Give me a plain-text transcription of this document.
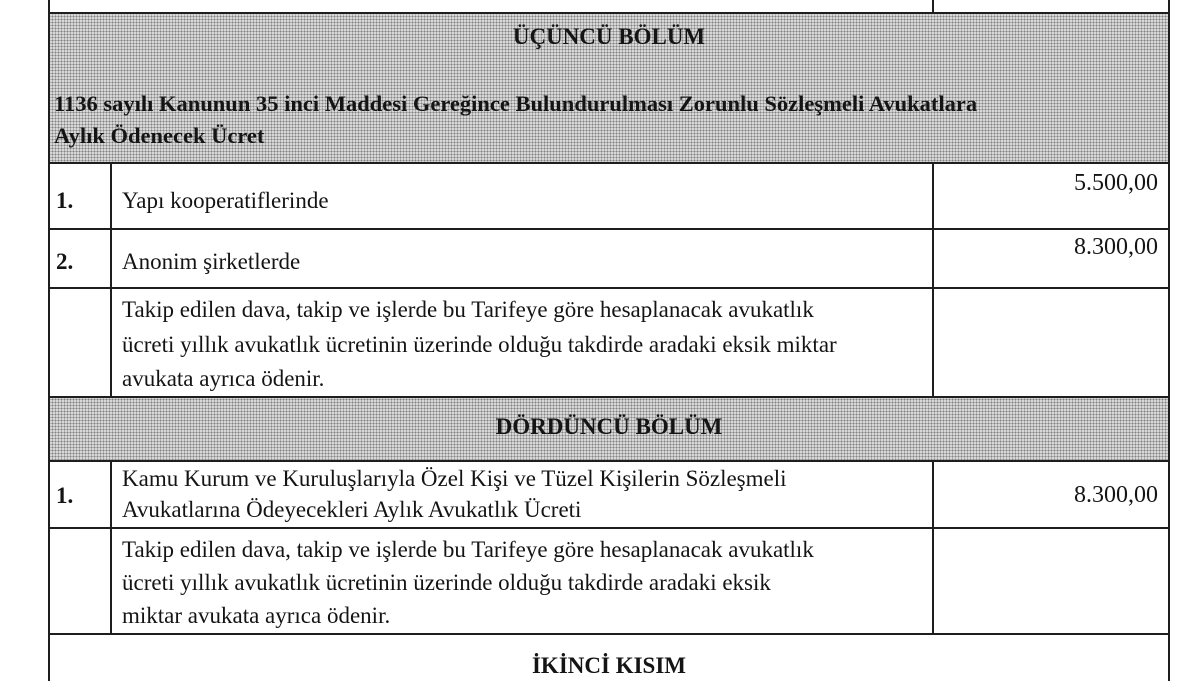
ÜÇÜNCÜ BÖLÜM
1136 sayılı Kanunun 35 inci Maddesi Gereğince Bulundurulması Zorunlu Sözleşmeli Avukatlara
Aylık Ödenecek Ücret
1. Yapı kooperatiflerinde
5.500,00
2. Anonim şirketlerde
8.300,00
Takip edilen dava, takip ve işlerde bu Tarifeye göre hesaplanacak avukatlık
ücreti yıllık avukatlık ücretinin üzerinde olduğu takdirde aradaki eksik miktar
avukata ayrıca ödenir.
DÖRDÜNCÜ BÖLÜM
1.
Kamu Kurum ve Kuruluşlarıyla Özel Kişi ve Tüzel Kişilerin Sözleşmeli
Avukatlarına Ödeyecekleri Aylık Avukatlık Ücreti
8.300,00
Takip edilen dava, takip ve işlerde bu Tarifeye göre hesaplanacak avukatlık
ücreti yıllık avukatlık ücretinin üzerinde olduğu takdirde aradaki eksik
miktar avukata ayrıca ödenir.
İKİNCİ KISIM
